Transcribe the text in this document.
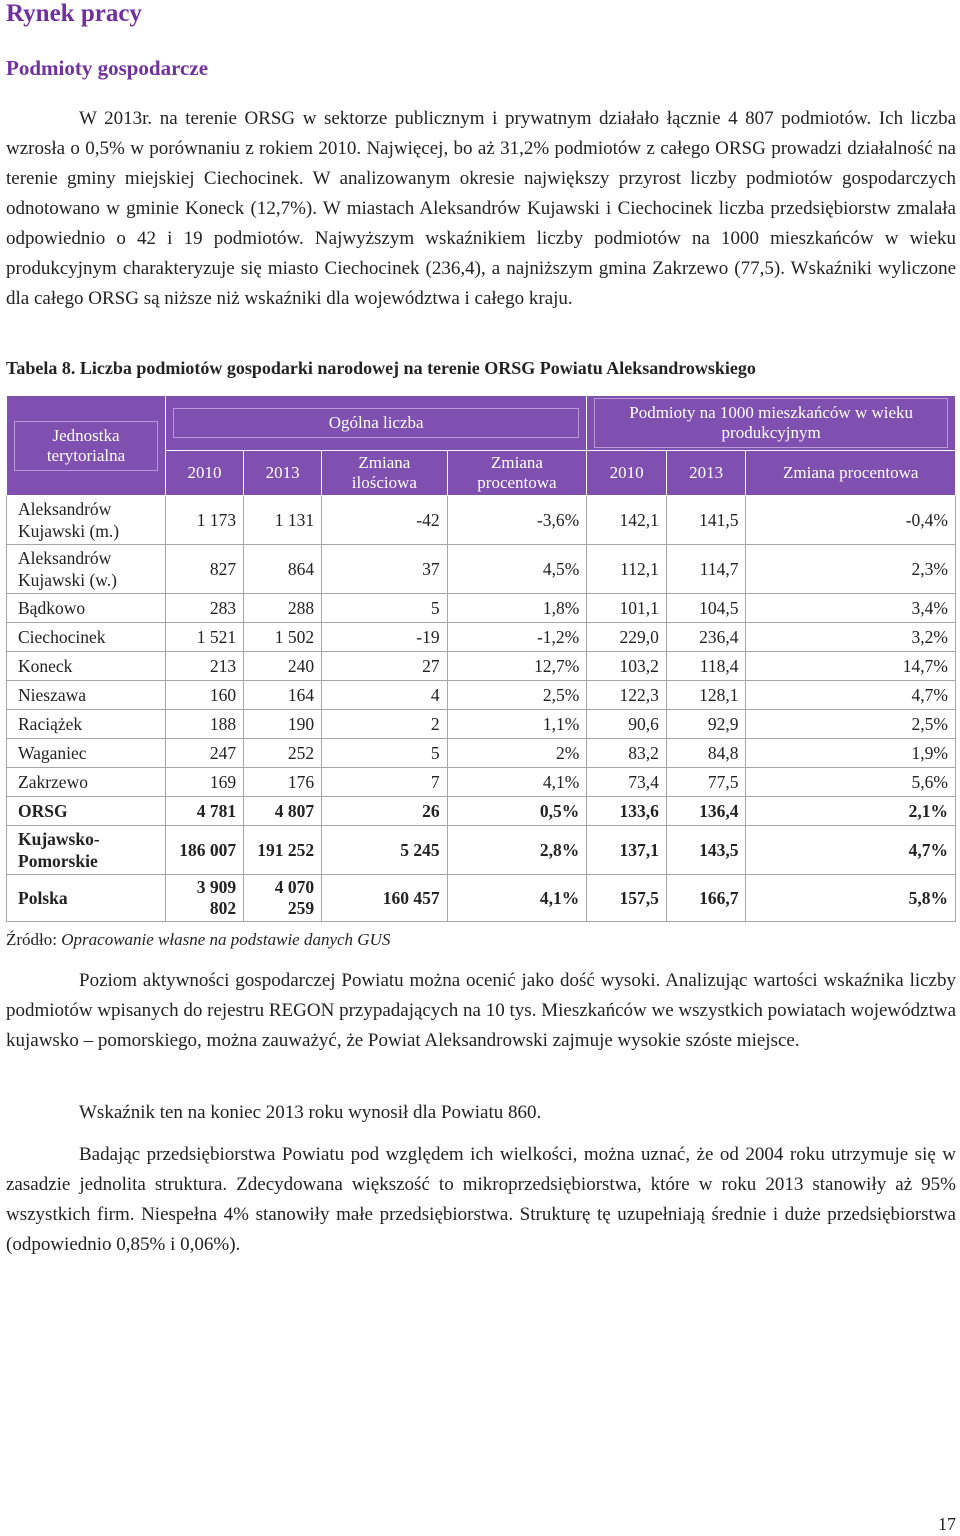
Rynek pracy
Podmioty gospodarcze

W 2013r. na terenie ORSG w sektorze publicznym i prywatnym działało łącznie 4 807 podmiotów. Ich liczba wzrosła o 0,5% w porównaniu z rokiem 2010. Najwięcej, bo aż 31,2% podmiotów z całego ORSG prowadzi działalność na terenie gminy miejskiej Ciechocinek. W analizowanym okresie największy przyrost liczby podmiotów gospodarczych odnotowano w gminie Koneck (12,7%). W miastach Aleksandrów Kujawski i Ciechocinek liczba przedsiębiorstw zmalała odpowiednio o 42 i 19 podmiotów. Najwyższym wskaźnikiem liczby podmiotów na 1000 mieszkańców w wieku produkcyjnym charakteryzuje się miasto Ciechocinek (236,4), a najniższym gmina Zakrzewo (77,5). Wskaźniki wyliczone dla całego ORSG są niższe niż wskaźniki dla województwa i całego kraju.

Tabela 8. Liczba podmiotów gospodarki narodowej na terenie ORSG Powiatu Aleksandrowskiego

Jednostka terytorialna	Ogólna liczba				Podmioty na 1000 mieszkańców w wieku produkcyjnym		

	2010	2013	Zmiana ilościowa	Zmiana procentowa	2010	2013	Zmiana procentowa
Aleksandrów Kujawski (m.)	1 173	1 131	-42	-3,6%	142,1	141,5	-0,4%
Aleksandrów Kujawski (w.)	827	864	37	4,5%	112,1	114,7	2,3%
Bądkowo	283	288	5	1,8%	101,1	104,5	3,4%
Ciechocinek	1 521	1 502	-19	-1,2%	229,0	236,4	3,2%
Koneck	213	240	27	12,7%	103,2	118,4	14,7%
Nieszawa	160	164	4	2,5%	122,3	128,1	4,7%
Raciążek	188	190	2	1,1%	90,6	92,9	2,5%
Waganiec	247	252	5	2%	83,2	84,8	1,9%
Zakrzewo	169	176	7	4,1%	73,4	77,5	5,6%
ORSG	4 781	4 807	26	0,5%	133,6	136,4	2,1%
Kujawsko-Pomorskie	186 007	191 252	5 245	2,8%	137,1	143,5	4,7%
Polska	3 909 802	4 070 259	160 457	4,1%	157,5	166,7	5,8%

Źródło: Opracowanie własne na podstawie danych GUS

Poziom aktywności gospodarczej Powiatu można ocenić jako dość wysoki. Analizując wartości wskaźnika liczby podmiotów wpisanych do rejestru REGON przypadających na 10 tys. Mieszkańców we wszystkich powiatach województwa kujawsko – pomorskiego, można zauważyć, że Powiat Aleksandrowski zajmuje wysokie szóste miejsce.

Wskaźnik ten na koniec 2013 roku wynosił dla Powiatu 860.

Badając przedsiębiorstwa Powiatu pod względem ich wielkości, można uznać, że od 2004 roku utrzymuje się w zasadzie jednolita struktura. Zdecydowana większość to mikroprzedsiębiorstwa, które w roku 2013 stanowiły aż 95% wszystkich firm. Niespełna 4% stanowiły małe przedsiębiorstwa. Strukturę tę uzupełniają średnie i duże przedsiębiorstwa (odpowiednio 0,85% i 0,06%).

17
